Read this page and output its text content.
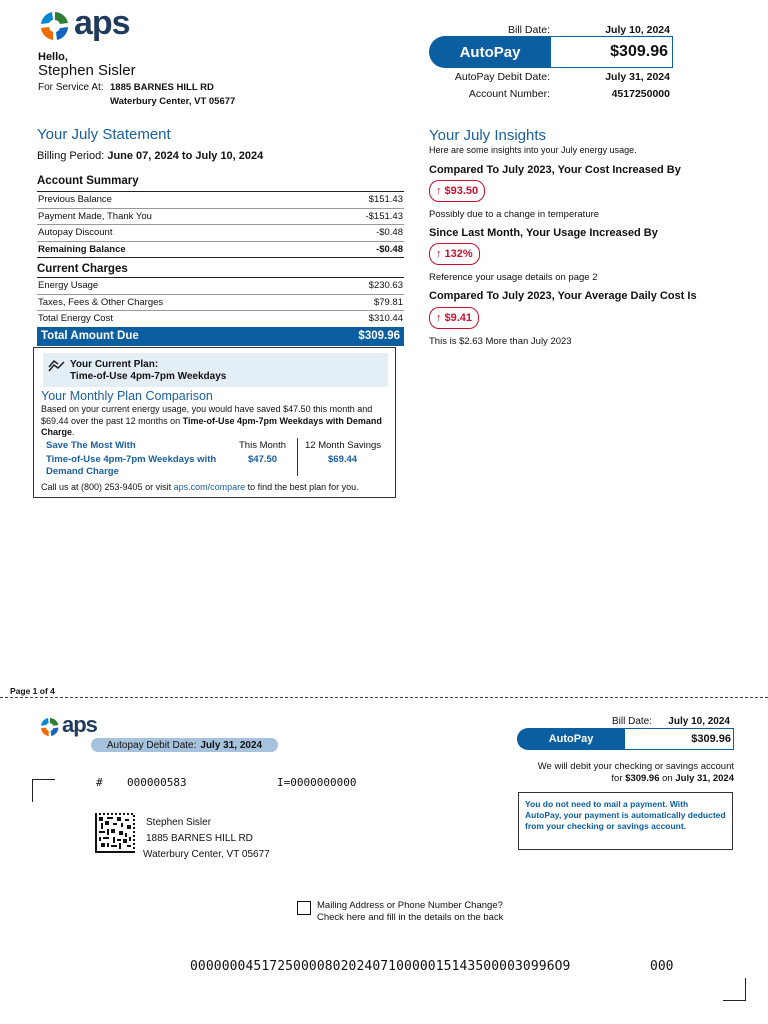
aps
Hello,
Stephen Sisler
For Service At: 1885 BARNES HILL RD
Waterbury Center, VT 05677
Bill Date:	July 10, 2024
AutoPay	$309.96
AutoPay Debit Date:	July 31, 2024
Account Number:	4517250000
Your July Statement
Billing Period: June 07, 2024 to July 10, 2024
Account Summary
Previous Balance	$151.43
Payment Made, Thank You	-$151.43
Autopay Discount	-$0.48
Remaining Balance	-$0.48
Current Charges
Energy Usage	$230.63
Taxes, Fees & Other Charges	$79.81
Total Energy Cost	$310.44
Total Amount Due	$309.96
Your Current Plan:
Time-of-Use 4pm-7pm Weekdays
Your Monthly Plan Comparison
Based on your current energy usage, you would have saved $47.50 this month and $69.44 over the past 12 months on Time-of-Use 4pm-7pm Weekdays with Demand Charge.
Save The Most With	This Month 12 Month Savings
Time-of-Use 4pm-7pm Weekdays with
Demand Charge
$47.50	$69.44
Call us at (800) 253-9405 or visit aps.com/compare to find the best plan for you.
Your July Insights
Here are some insights into your July energy usage.
Compared To July 2023, Your Cost Increased By
↑ $93.50
Possibly due to a change in temperature
Since Last Month, Your Usage Increased By
↑ 132%
Reference your usage details on page 2
Compared To July 2023, Your Average Daily Cost Is
↑ $9.41
This is $2.63 More than July 2023
Page 1 of 4
aps
Autopay Debit Date: July 31, 2024
Bill Date:	July 10, 2024
AutoPay	$309.96
We will debit your checking or savings account
for $309.96 on July 31, 2024
You do not need to mail a payment. With AutoPay, your payment is automatically deducted from your checking or savings account.
# 000000583	I=0000000000
Stephen Sisler
1885 BARNES HILL RD
Waterbury Center, VT 05677
Mailing Address or Phone Number Change?
Check here and fill in the details on the back
0000000451725000080202407100000151435000030996O9	000
